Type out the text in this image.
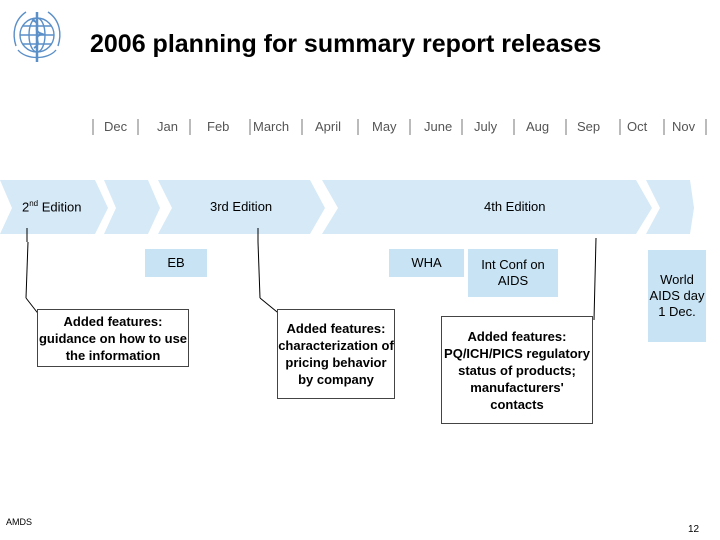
2006 planning for summary report releases
Dec Jan Feb March April May June July Aug Sep Oct Nov
2nd Edition	3rd Edition	4th Edition
EB	WHA	Int Conf on AIDS	World AIDS day 1 Dec.
Added features: guidance on how to use the information
Added features: characterization of pricing behavior by company
Added features: PQ/ICH/PICS regulatory status of products; manufacturers' contacts
AMDS
12
